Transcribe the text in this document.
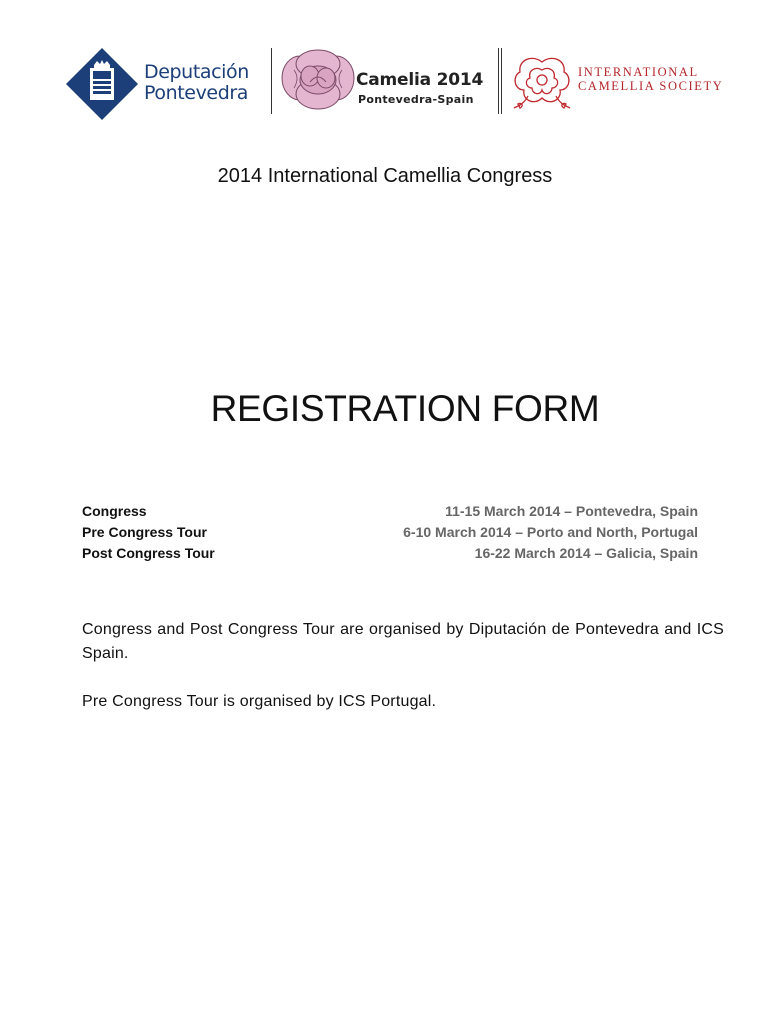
Deputación
Pontevedra
Camelia 2014
Pontevedra-Spain
INTERNATIONAL
CAMELLIA SOCIETY
2014 International Camellia Congress
REGISTRATION FORM
Congress	11-15 March 2014 – Pontevedra, Spain
Pre Congress Tour	6-10 March 2014 – Porto and North, Portugal
Post Congress Tour	16-22 March 2014 – Galicia, Spain

Congress and Post Congress Tour are organised by Diputación de Pontevedra and ICS Spain.

Pre Congress Tour is organised by ICS Portugal.
